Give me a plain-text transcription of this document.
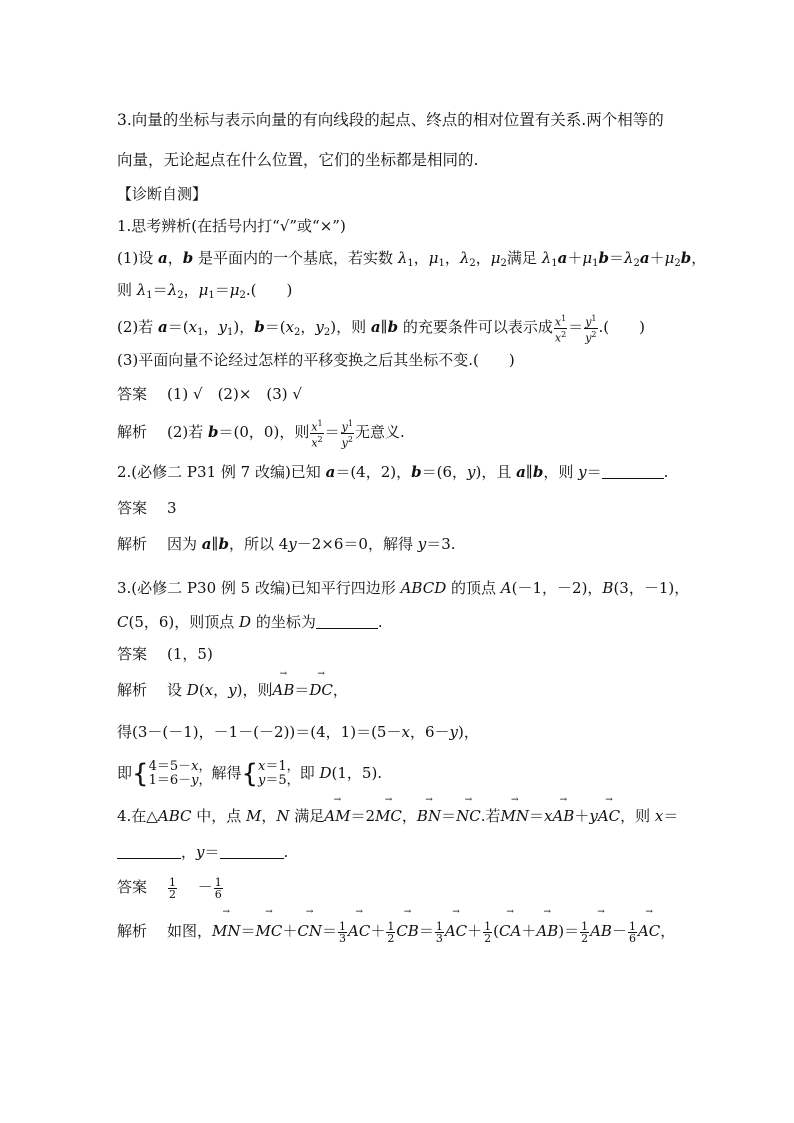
3.向量的坐标与表示向量的有向线段的起点、终点的相对位置有关系.两个相等的
向量，无论起点在什么位置，它们的坐标都是相同的.
【诊断自测】
1.思考辨析(在括号内打“√”或“×”)
(1)设 a，b 是平面内的一个基底，若实数 $\lambda_1$，$\mu_1$，$\lambda_2$，$\mu_2$满足 $\lambda_1a+\mu_1b=\lambda_2a+\mu_2b$，
则 $\lambda_1=\lambda_2$，$\mu_1=\mu_2$.(　　)
(2)若 $a=(x_1$，$y_1$)，$b=(x_2$，$y_2$)，则 a∥b 的充要条件可以表示成 $\frac{x^1}{x^2} = \frac{y^1}{y^2}$ .(　　)
(3)平面向量不论经过怎样的平移变换之后其坐标不变.(　　)
答案 (1) √　(2)×　(3) √
解析 (2)若 b＝(0，0)，则 $\frac{x^1}{x^2} = \frac{y^1}{y^2}$ 无意义.
2.(必修二 P31 例 7 改编)已知 a＝(4，2)，b＝(6，y)，且 a∥b，则 y＝	.
答案 3
解析 因为 a∥b，所以 4y－2×6＝0，解得 y＝3.
3.(必修二 P30 例 5 改编)已知平行四边形 ABCD 的顶点 A(－1，－2)，B(3，－1)，
C(5，6)，则顶点 D 的坐标为	.
答案 (1，5)
解析 设 D(x，y)，则→ AB＝→ DC，
得(3－(－1)，－1－(－2))＝(4，1)＝(5－x，6－y)，
即{ 4＝5－x，
1＝6－y， 解得{ x＝1，
y＝5， 即 D(1，5).
4.在△ABC 中，点 M，N 满足→ AM＝2→ MC，→ BN＝→ NC.若→ MN＝x→ AB＋y→ AC，则 x＝
，y＝	.
答案 $\frac{1}{2}$ 　 － $\frac{1}{6}$
解析 如图，→ $MN=\to MC+\to CN= \frac{1}{3}$
→ $AC+ \frac{1}{2}$
→ $CB= \frac{1}{3}$
→ $AC+ \frac{1}{2}$ (→ $CA+\to AB)= \frac{1}{2}$
→ $AB- \frac{1}{6}$
→ AC，
